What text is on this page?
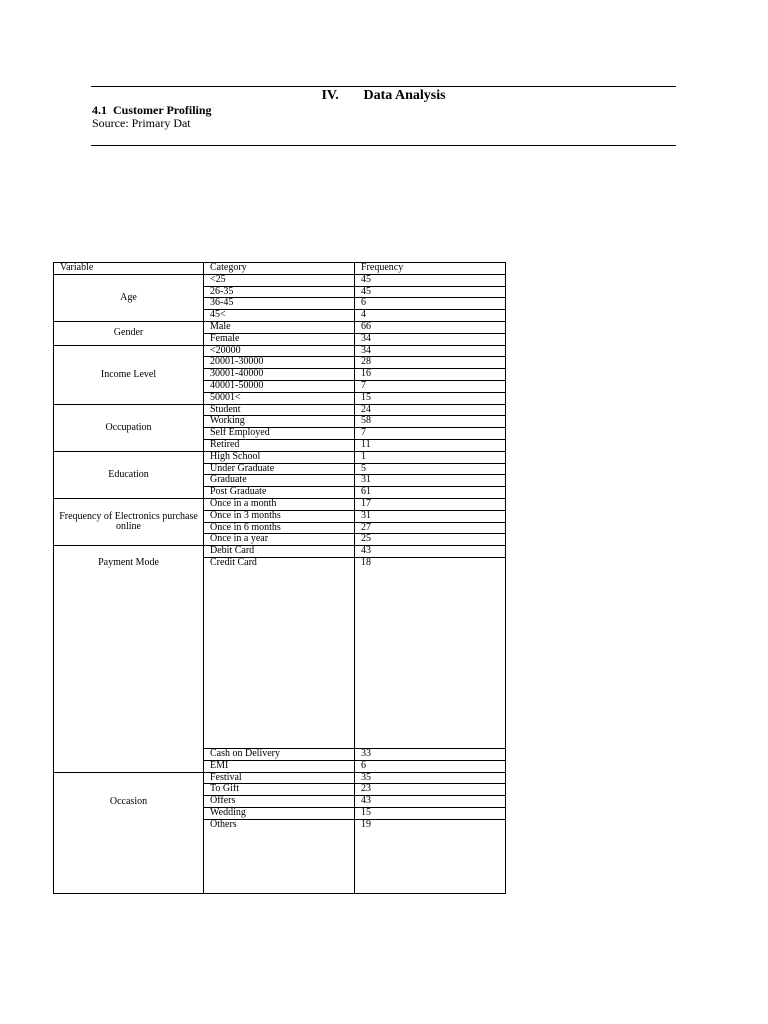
IV. Data Analysis
4.1 Customer Profiling
Source: Primary Dat
Variable	Category	Frequency
Age	<25	45
	26-35	45
	36-45	6
	45<	4
Gender	Male	66
	Female	34
Income Level	<20000	34
	20001-30000	28
	30001-40000	16
	40001-50000	7
	50001<	15
Occupation	Student	24
	Working	58
	Self Employed	7
	Retired	11
Education	High School	1
	Under Graduate	5
	Graduate	31
	Post Graduate	61
Frequency of Electronics purchase online	Once in a month	17
	Once in 3 months	31
	Once in 6 months	27
	Once in a year	25
Payment Mode	Debit Card	43
	Credit Card	18
	Cash on Delivery	33
	EMI	6
Occasion	Festival	35
	To Gift	23
	Offers	43
	Wedding	15
	Others	19
